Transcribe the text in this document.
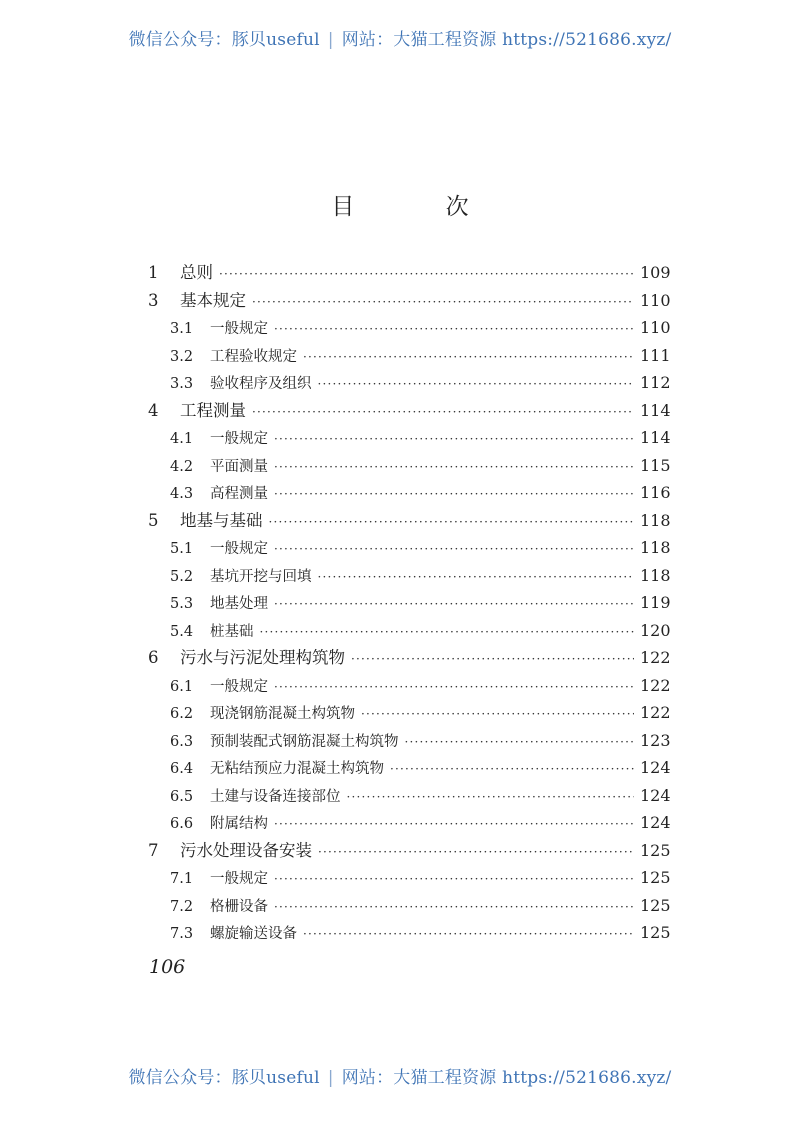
微信公众号：豚贝useful | 网站：大猫工程资源 https://521686.xyz/
目 次
1	总则 ·····	109
3	基本规定 ·····	110
3.1	一般规定 ·····	110
3.2	工程验收规定 ·····	111
3.3	验收程序及组织 ·····	112
4	工程测量 ·····	114
4.1	一般规定 ·····	114
4.2	平面测量 ·····	115
4.3	高程测量 ·····	116
5	地基与基础 ·····	118
5.1	一般规定 ·····	118
5.2	基坑开挖与回填 ·····	118
5.3	地基处理 ·····	119
5.4	桩基础 ·····	120
6	污水与污泥处理构筑物 ·····	122
6.1	一般规定 ·····	122
6.2	现浇钢筋混凝土构筑物 ·····	122
6.3	预制装配式钢筋混凝土构筑物 ·····	123
6.4	无粘结预应力混凝土构筑物 ·····	124
6.5	土建与设备连接部位 ·····	124
6.6	附属结构 ·····	124
7	污水处理设备安装 ·····	125
7.1	一般规定 ·····	125
7.2	格栅设备 ·····	125
7.3	螺旋输送设备 ·····	125
106
微信公众号：豚贝useful | 网站：大猫工程资源 https://521686.xyz/
